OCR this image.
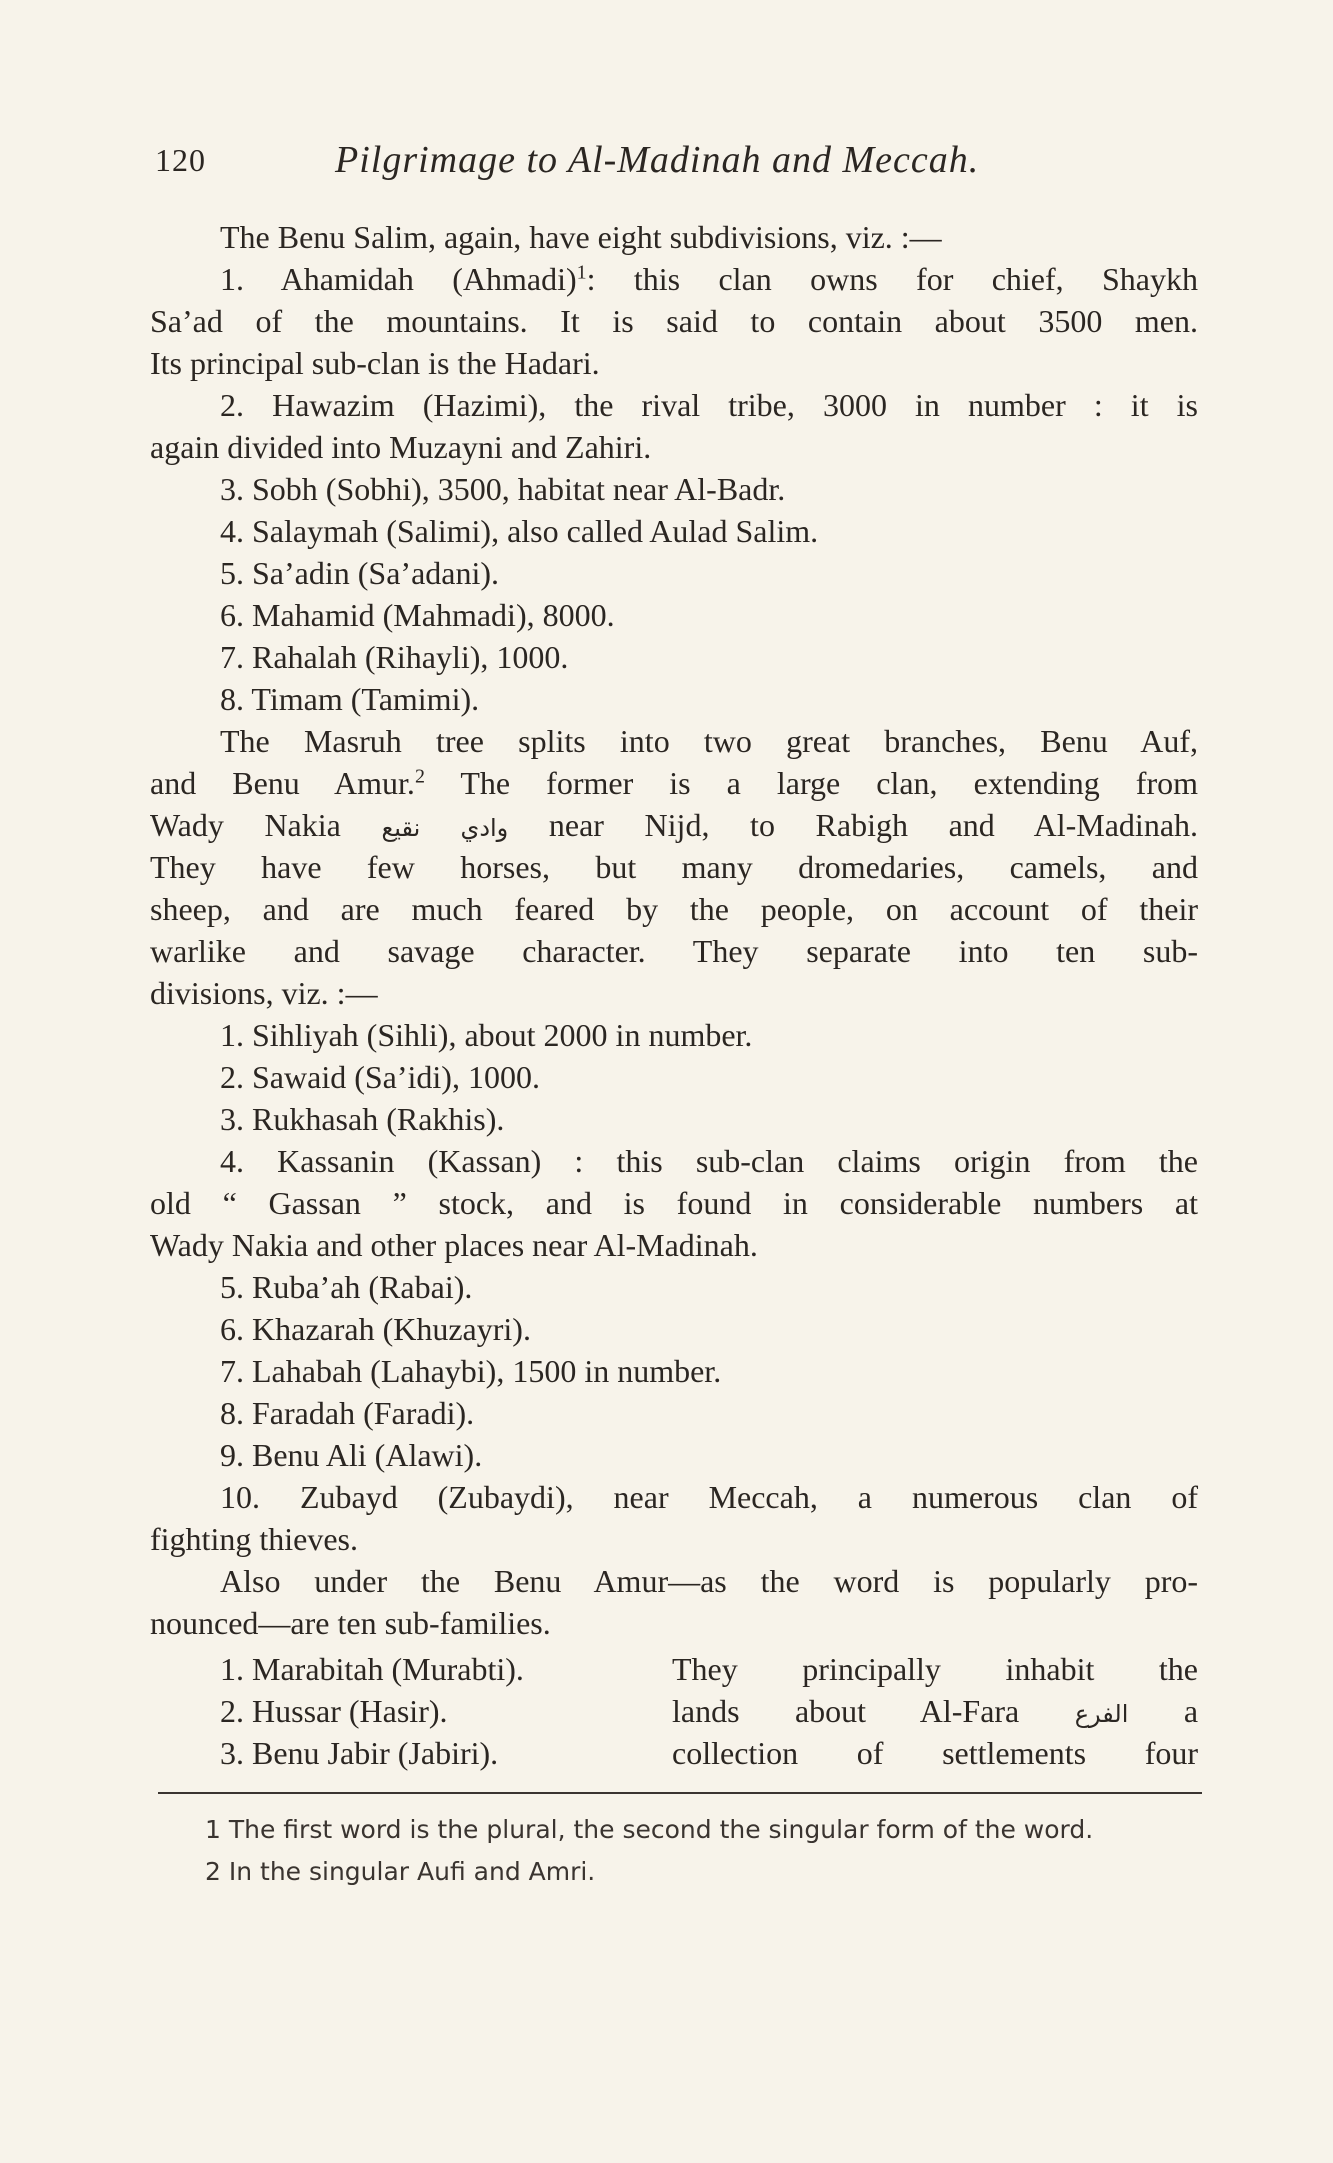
120	Pilgrimage to Al-Madinah and Meccah.
The Benu Salim, again, have eight subdivisions, viz. :—
1. Ahamidah (Ahmadi)$^1$: this clan owns for chief, Shaykh
Sa’ad of the mountains. It is said to contain about 3500 men.
Its principal sub-clan is the Hadari.
2. Hawazim (Hazimi), the rival tribe, 3000 in number : it is
again divided into Muzayni and Zahiri.
3. Sobh (Sobhi), 3500, habitat near Al-Badr.
4. Salaymah (Salimi), also called Aulad Salim.
5. Sa’adin (Sa’adani).
6. Mahamid (Mahmadi), 8000.
7. Rahalah (Rihayli), 1000.
8. Timam (Tamimi).
The Masruh tree splits into two great branches, Benu Auf,
and Benu Amur.$^2$ The former is a large clan, extending from
Wady Nakia وادي نقيع near Nijd, to Rabigh and Al-Madinah.
They have few horses, but many dromedaries, camels, and
sheep, and are much feared by the people, on account of their
warlike and savage character. They separate into ten sub-
divisions, viz. :—
1. Sihliyah (Sihli), about 2000 in number.
2. Sawaid (Sa’idi), 1000.
3. Rukhasah (Rakhis).
4. Kassanin (Kassan) : this sub-clan claims origin from the
old “ Gassan ” stock, and is found in considerable numbers at
Wady Nakia and other places near Al-Madinah.
5. Ruba’ah (Rabai).
6. Khazarah (Khuzayri).
7. Lahabah (Lahaybi), 1500 in number.
8. Faradah (Faradi).
9. Benu Ali (Alawi).
10. Zubayd (Zubaydi), near Meccah, a numerous clan of
fighting thieves.
Also under the Benu Amur—as the word is popularly pro-
nounced—are ten sub-families.
1. Marabitah (Murabti).	They principally inhabit the
2. Hussar (Hasir).	lands about Al-Fara الفرع a
3. Benu Jabir (Jabiri).	collection of settlements four
1 The first word is the plural, the second the singular form of the word.
2 In the singular Aufi and Amri.
